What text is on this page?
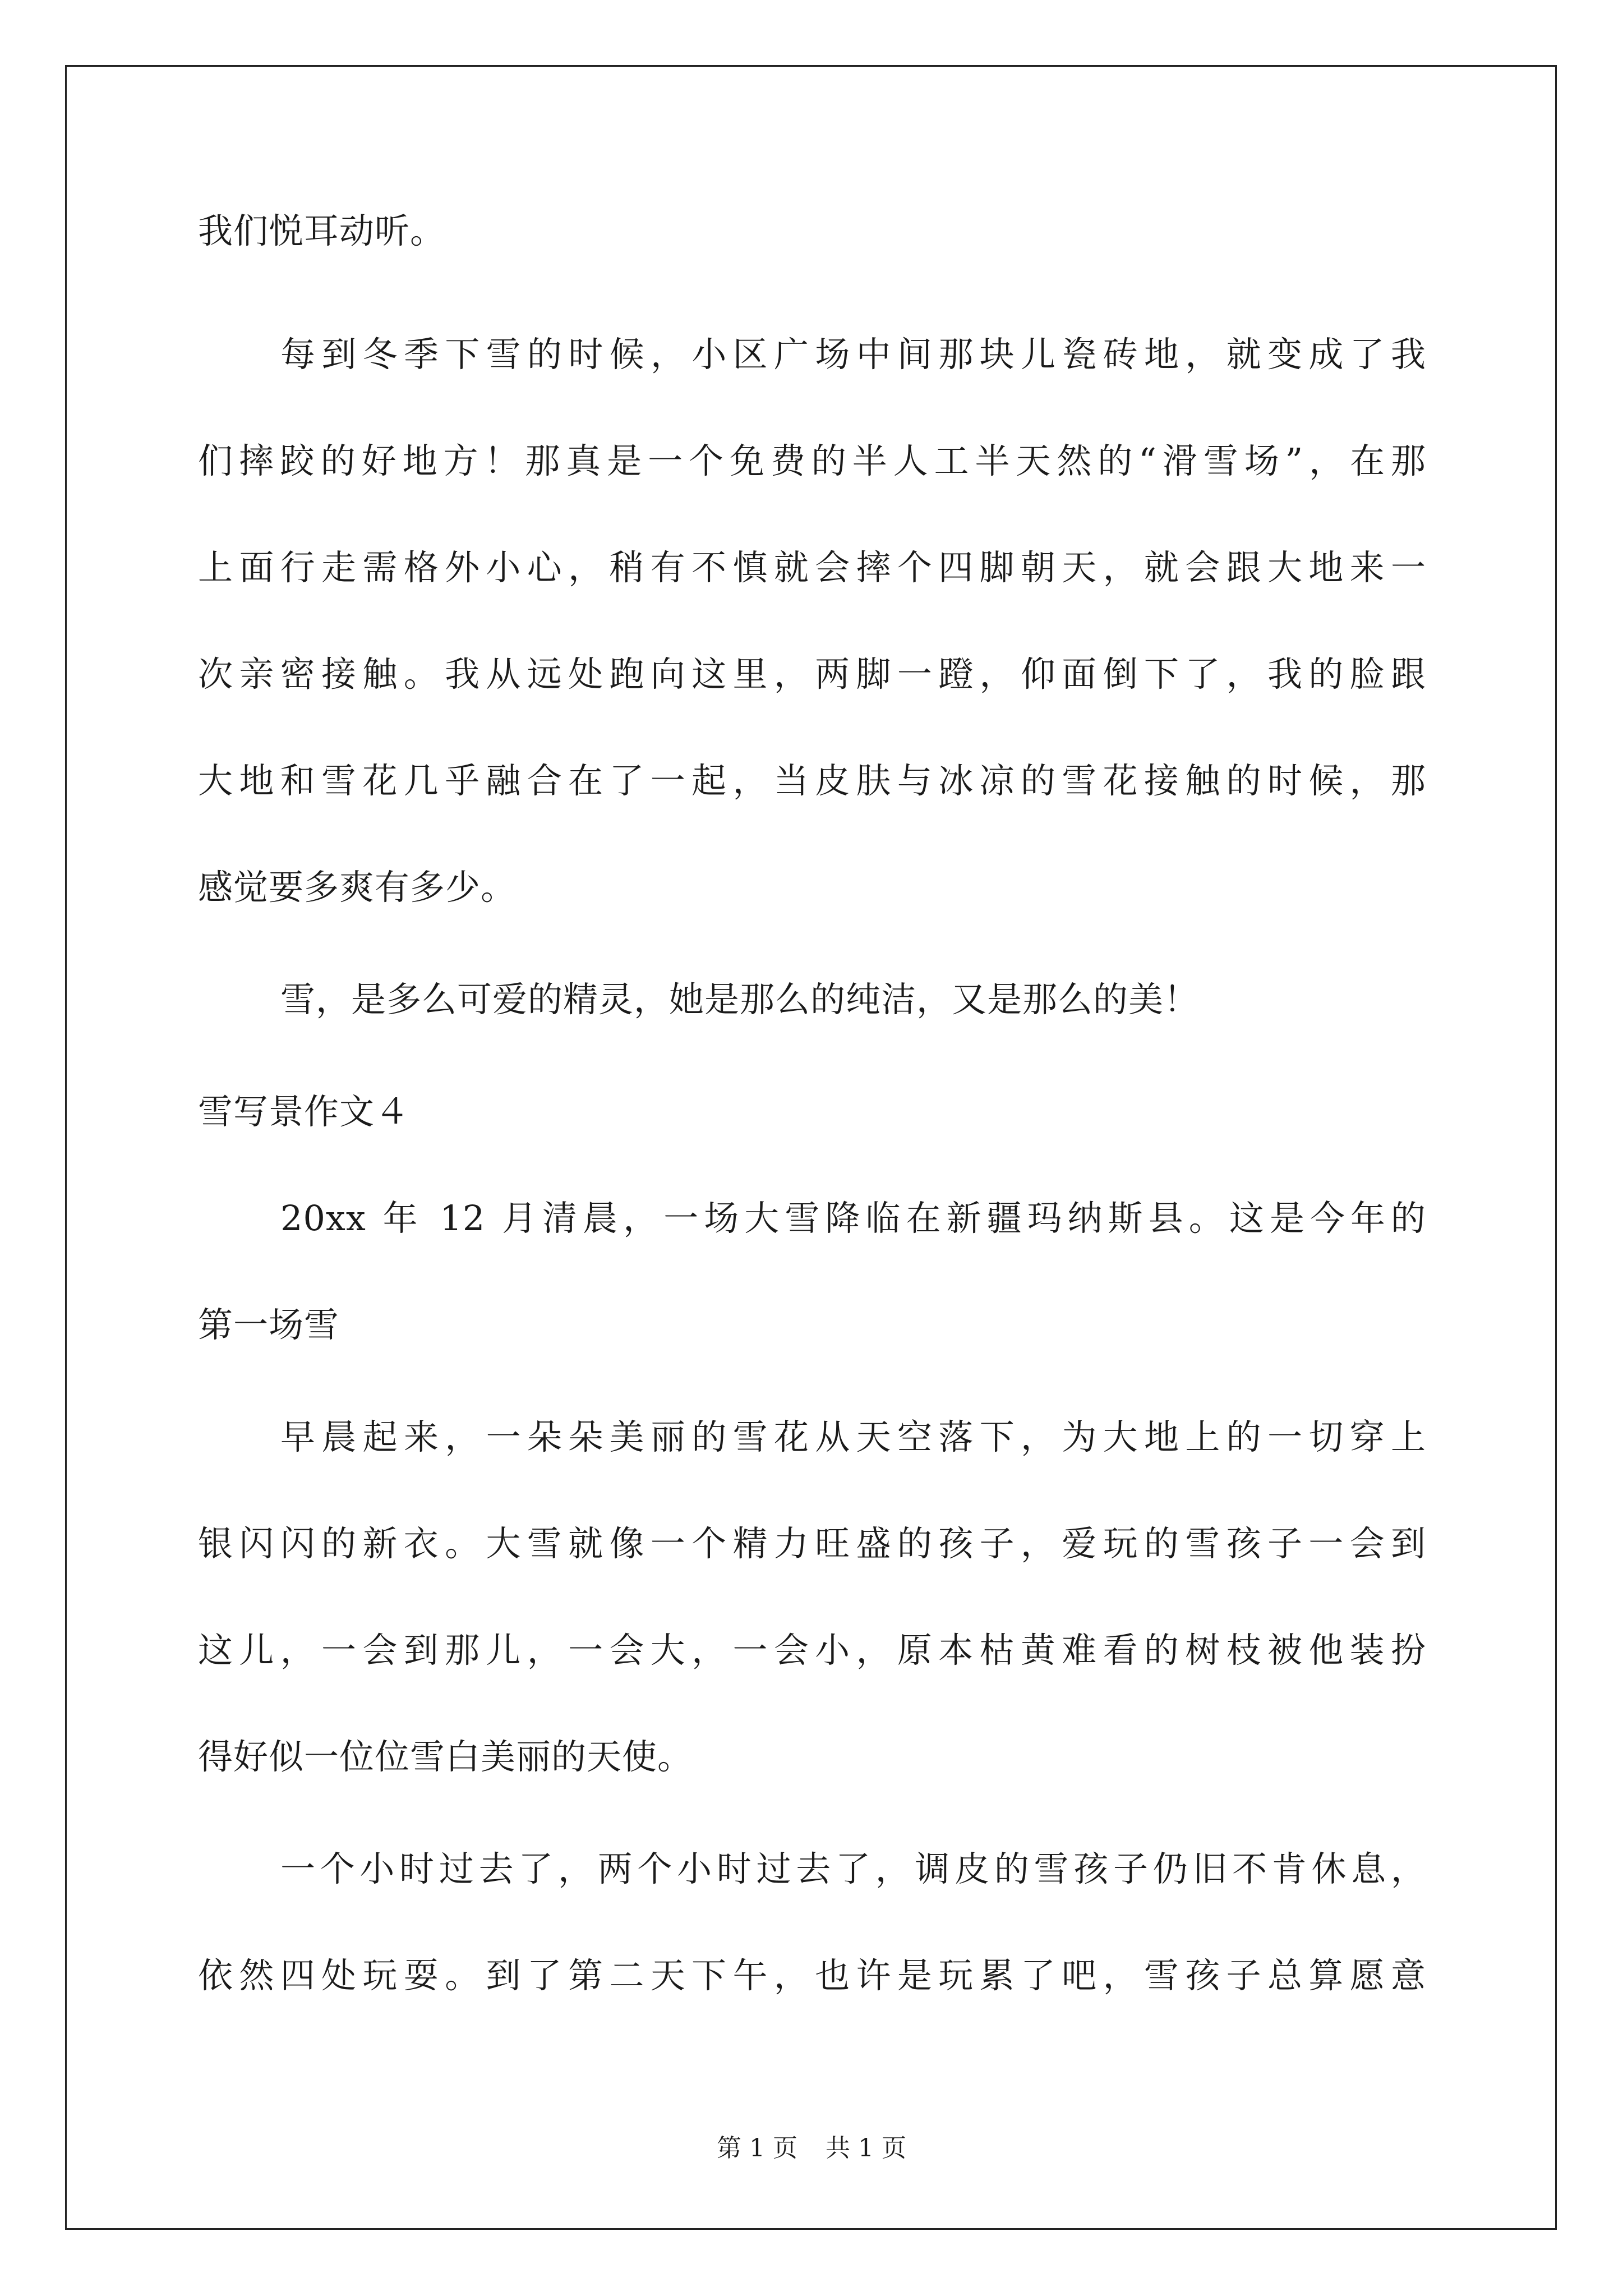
我们悦耳动听。
每到冬季下雪的时候，小区广场中间那块儿瓷砖地，就变成了我
们摔跤的好地方！那真是一个免费的半人工半天然的“滑雪场”，在那
上面行走需格外小心，稍有不慎就会摔个四脚朝天，就会跟大地来一
次亲密接触。我从远处跑向这里，两脚一蹬，仰面倒下了，我的脸跟
大地和雪花几乎融合在了一起，当皮肤与冰凉的雪花接触的时候，那
感觉要多爽有多少。
雪，是多么可爱的精灵，她是那么的纯洁，又是那么的美！
雪写景作文４
20xx 年 12 月清晨，一场大雪降临在新疆玛纳斯县。这是今年的
第一场雪
早晨起来，一朵朵美丽的雪花从天空落下，为大地上的一切穿上
银闪闪的新衣。大雪就像一个精力旺盛的孩子，爱玩的雪孩子一会到
这儿，一会到那儿，一会大，一会小，原本枯黄难看的树枝被他装扮
得好似一位位雪白美丽的天使。
一个小时过去了，两个小时过去了，调皮的雪孩子仍旧不肯休息，
依然四处玩耍。到了第二天下午，也许是玩累了吧，雪孩子总算愿意
第 1 页 共 1 页
